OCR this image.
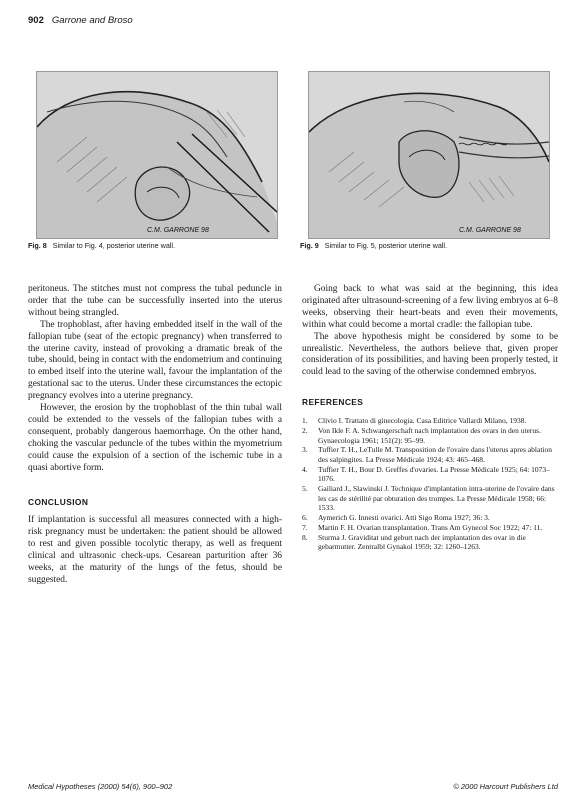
902 Garrone and Broso
C.M. GARRONE 98
Fig. 8 Similar to Fig. 4, posterior uterine wall.
C.M. GARRONE 98
Fig. 9 Similar to Fig. 5, posterior uterine wall.

peritoneus. The stitches must not compress the tubal peduncle in order that the tube can be successfully inserted into the uterus without being strangled.

The trophoblast, after having embedded itself in the wall of the fallopian tube (seat of the ectopic pregnancy) when transferred to the uterine cavity, instead of provoking a dramatic break of the tube, should, being in contact with the endometrium and continuing to embed itself into the uterine wall, favour the implantation of the gestational sac to the uterus. Under these circumstances the ectopic pregnancy evolves into a uterine pregnancy.

However, the erosion by the trophoblast of the thin tubal wall could be extended to the vessels of the fallopian tubes with a consequent, probably dangerous haemorrhage. On the other hand, choking the vascular peduncle of the tubes within the myometrium could cause the expulsion of a section of the ischemic tube in a quasi abortive form.

CONCLUSION

If implantation is successful all measures connected with a high-risk pregnancy must be undertaken: the patient should be allowed to rest and given possible tocolytic therapy, as well as frequent clinical and ultrasonic check-ups. Cesarean parturition after 36 weeks, at the maturity of the lungs of the fetus, should be suggested.

Going back to what was said at the beginning, this idea originated after ultrasound-screening of a few living embryos at 6–8 weeks, observing their heart-beats and even their movements, within what could become a mortal cradle: the fallopian tube.

The above hypothesis might be considered by some to be unrealistic. Nevertheless, the authors believe that, given proper consideration of its possibilities, and having been properly tested, it could lead to the saving of the otherwise condemned embryos.

REFERENCES
1. Clivio I. Trattato di ginecologia. Casa Editrice Vallardi Milano, 1938.
2. Von Ikle F. A. Schwangerschaft nach implantation des ovars in den uterus. Gynaecologia 1961; 151(2): 95–99.
3. Tuffier T. H., LeTulle M. Transposition de l'ovaire dans l'uterus apres ablation des salpingites. La Presse Médicale 1924; 43: 465–468.
4. Tuffier T. H., Bour D. Greffes d'ovaries. La Presse Médicale 1925; 64: 1073–1076.
5. Gailiard J., Slawinski J. Technique d'implantation intra-uterine de l'ovaire dans les cas de stérilité par obturation des trompes. La Presse Médicale 1958; 66: 1533.
6. Aymerich G. Innesti ovarici. Atti Sigo Roma 1927; 36: 3.
7. Martin F. H. Ovarian transplantation. Trans Am Gynecol Soc 1922; 47: 11.
8. Sturma J. Graviditat und geburt nach der implantation des ovar in die gebarmutter. Zentralbl Gynakol 1959; 32: 1260–1263.
Medical Hypotheses (2000) 54(6), 900–902	© 2000 Harcourt Publishers Ltd
